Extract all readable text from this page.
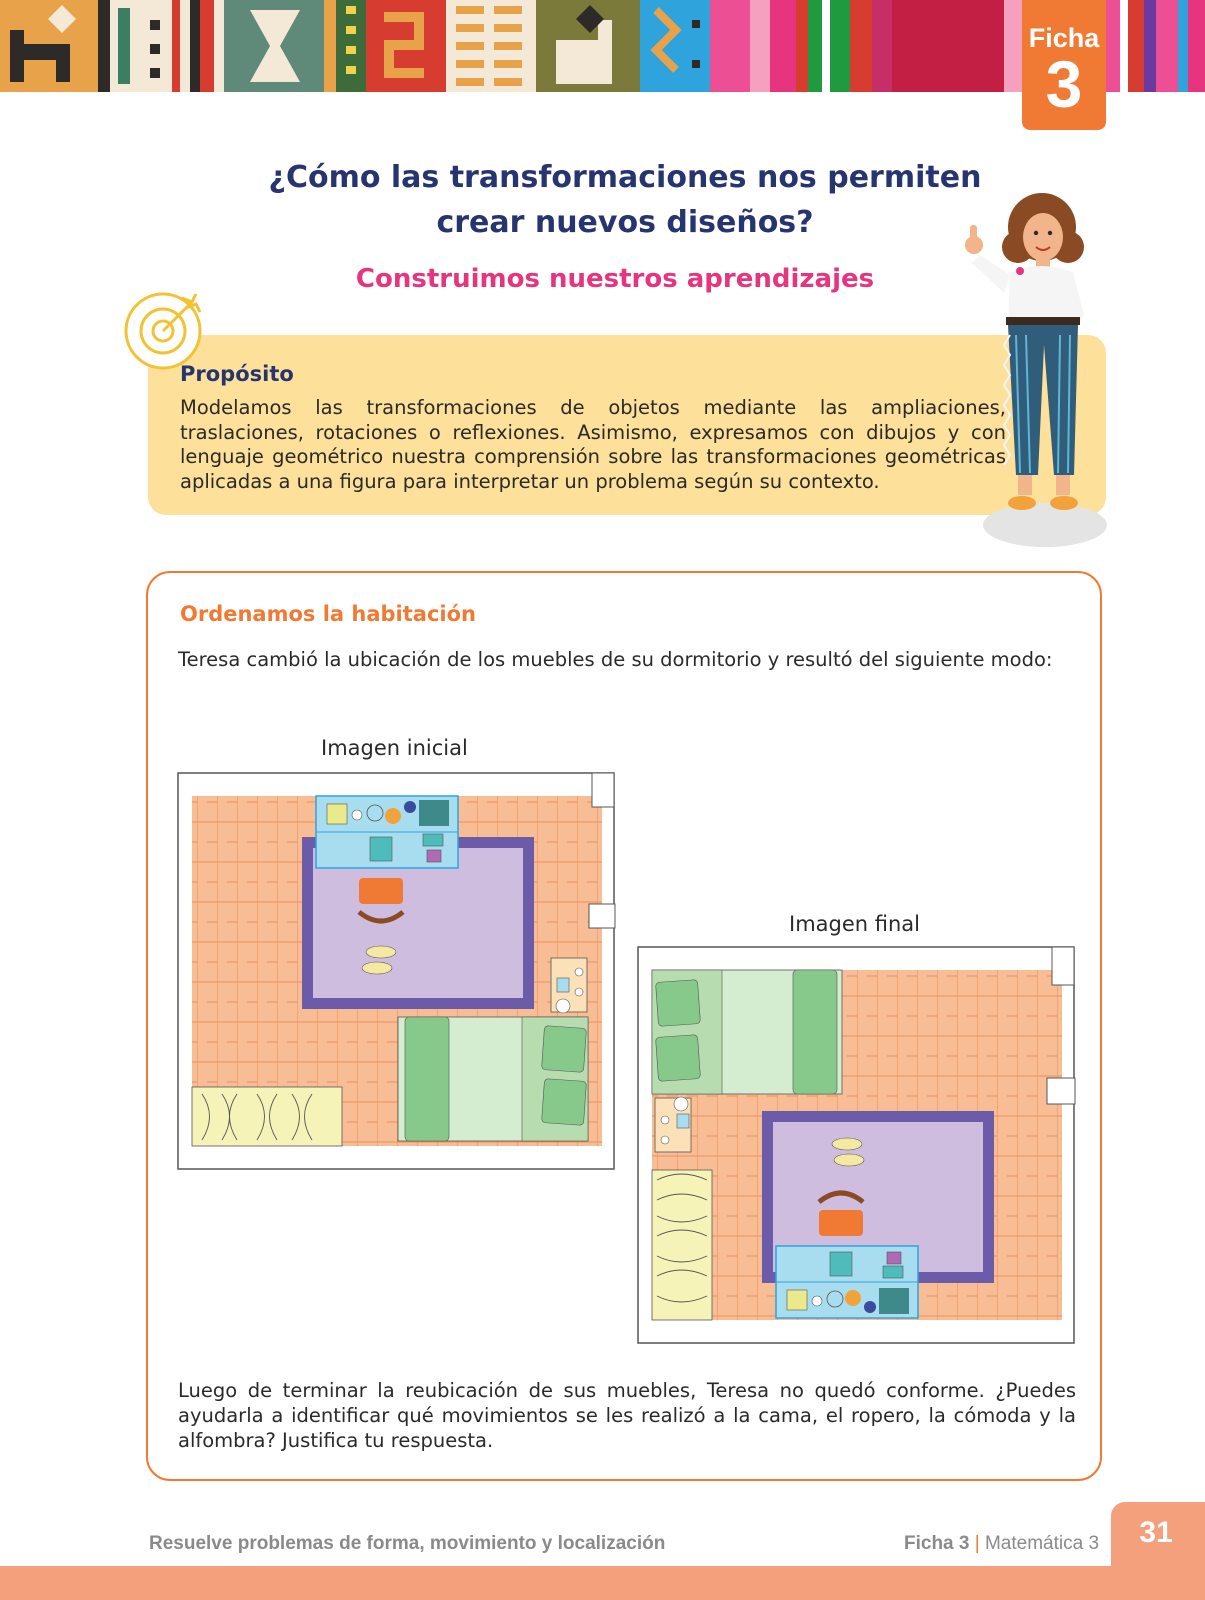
Ficha
3
¿Cómo las transformaciones nos permiten
crear nuevos diseños?
Construimos nuestros aprendizajes
Propósito
Modelamos las transformaciones de objetos mediante las ampliaciones, traslaciones, rotaciones o reflexiones. Asimismo, expresamos con dibujos y con lenguaje geométrico nuestra comprensión sobre las transformaciones geométricas aplicadas a una figura para interpretar un problema según su contexto.
Ordenamos la habitación
Teresa cambió la ubicación de los muebles de su dormitorio y resultó del siguiente modo:
Imagen inicial
Imagen final
Luego de terminar la reubicación de sus muebles, Teresa no quedó conforme. ¿Puedes ayudarla a identificar qué movimientos se les realizó a la cama, el ropero, la cómoda y la alfombra? Justifica tu respuesta.
Resuelve problemas de forma, movimiento y localización	Ficha 3 | Matemática 3	31
